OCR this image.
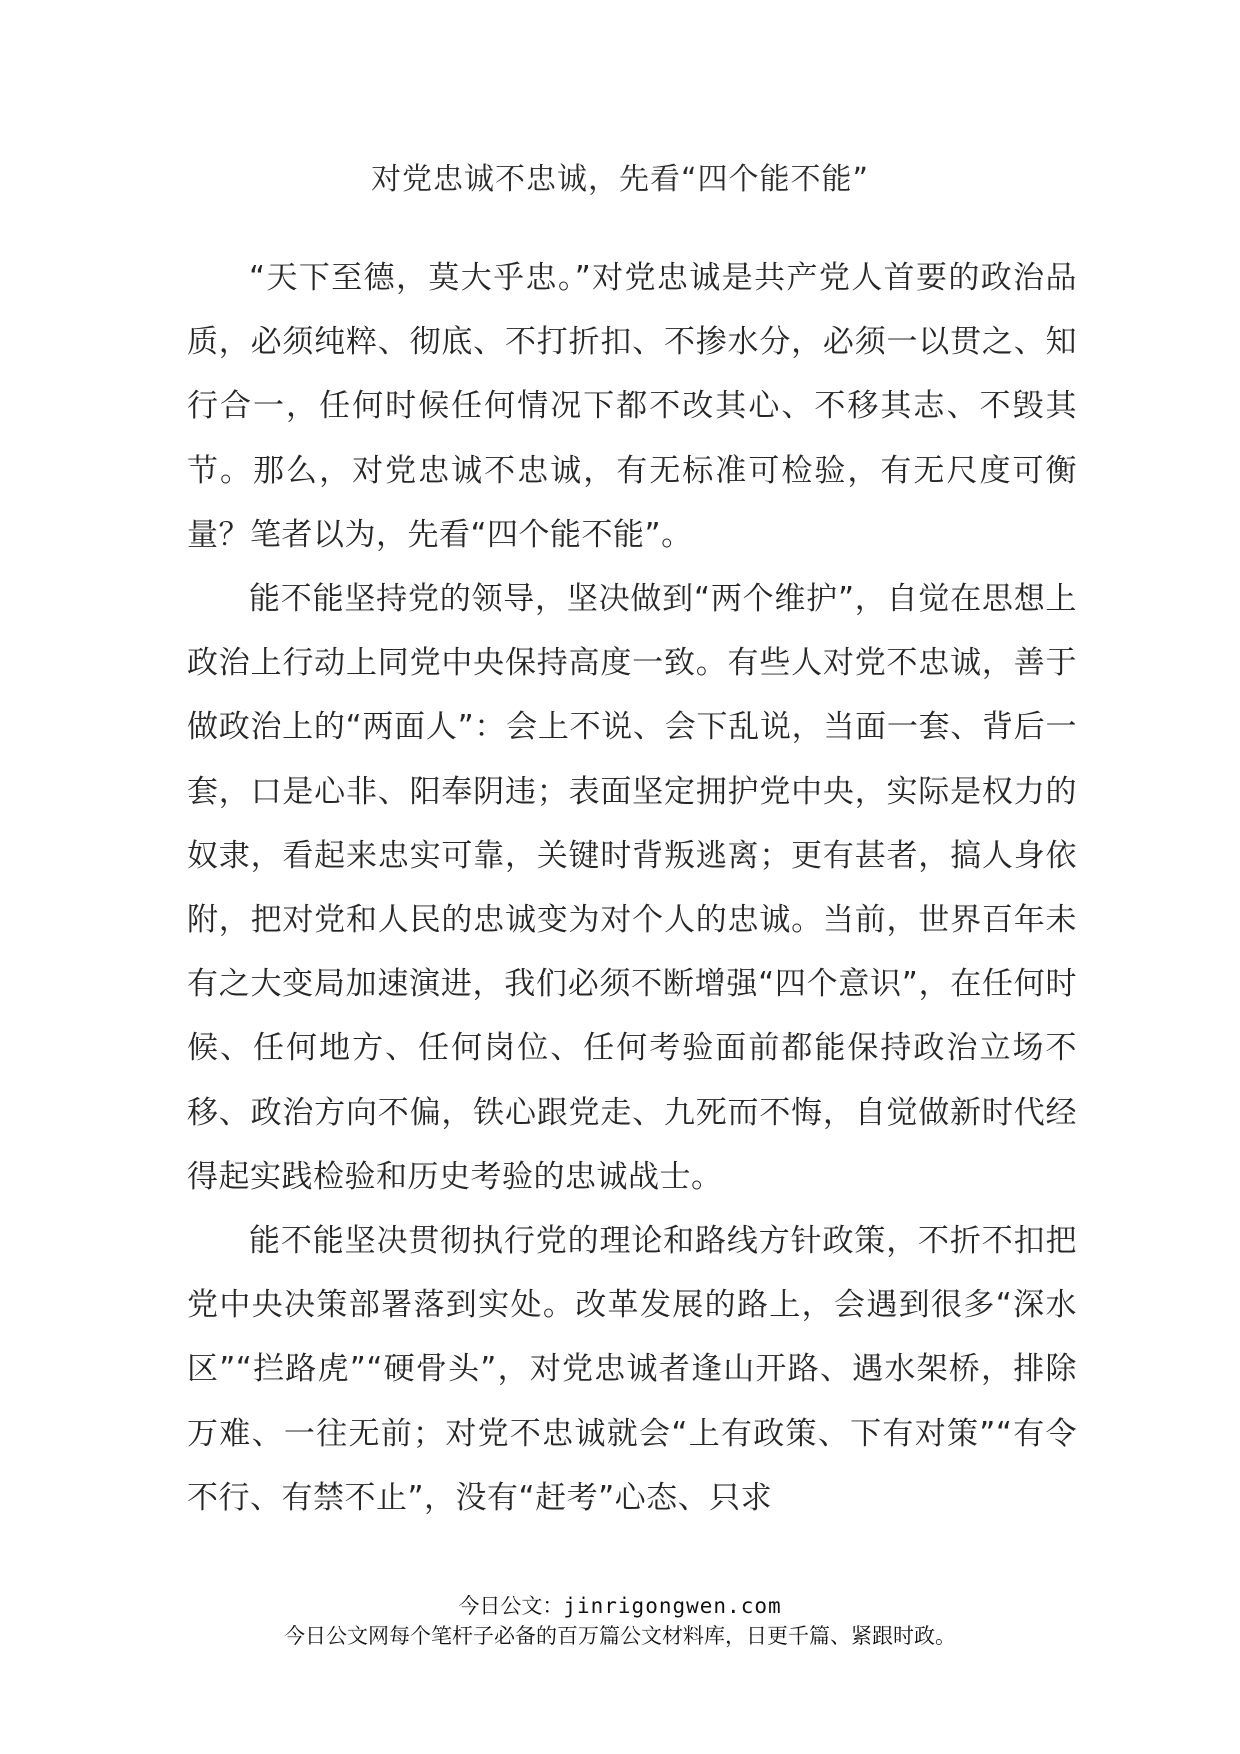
对党忠诚不忠诚，先看“四个能不能”

“天下至德，莫大乎忠。”对党忠诚是共产党人首要的政治品质，必须纯粹、彻底、不打折扣、不掺水分，必须一以贯之、知行合一，任何时候任何情况下都不改其心、不移其志、不毁其节。那么，对党忠诚不忠诚，有无标准可检验，有无尺度可衡量？笔者以为，先看“四个能不能”。

能不能坚持党的领导，坚决做到“两个维护”，自觉在思想上政治上行动上同党中央保持高度一致。有些人对党不忠诚，善于做政治上的“两面人”：会上不说、会下乱说，当面一套、背后一套，口是心非、阳奉阴违；表面坚定拥护党中央，实际是权力的奴隶，看起来忠实可靠，关键时背叛逃离；更有甚者，搞人身依附，把对党和人民的忠诚变为对个人的忠诚。当前，世界百年未有之大变局加速演进，我们必须不断增强“四个意识”，在任何时候、任何地方、任何岗位、任何考验面前都能保持政治立场不移、政治方向不偏，铁心跟党走、九死而不悔，自觉做新时代经得起实践检验和历史考验的忠诚战士。

能不能坚决贯彻执行党的理论和路线方针政策，不折不扣把党中央决策部署落到实处。改革发展的路上，会遇到很多“深水区”“拦路虎”“硬骨头”，对党忠诚者逢山开路、遇水架桥，排除万难、一往无前；对党不忠诚就会“上有政策、下有对策”“有令不行、有禁不止”，没有“赶考”心态、只求

今日公文：jinrigongwen.com
今日公文网每个笔杆子必备的百万篇公文材料库，日更千篇、紧跟时政。
